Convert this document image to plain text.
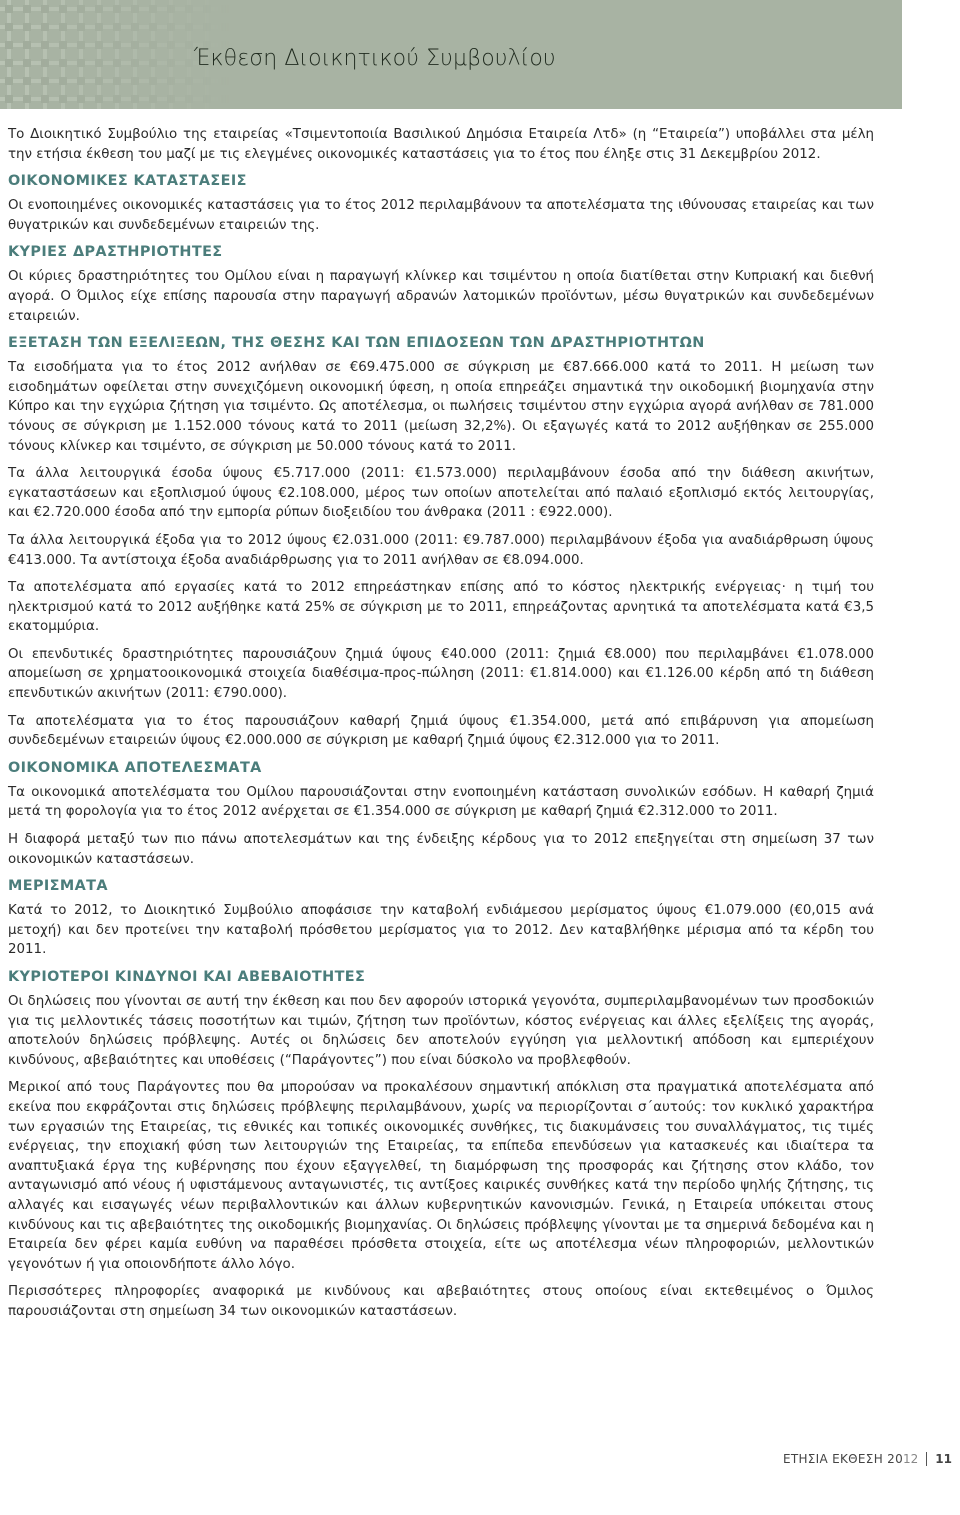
Έκθεση Διοικητικού Συμβουλίου

Το Διοικητικό Συμβούλιο της εταιρείας «Τσιμεντοποιία Βασιλικού Δημόσια Εταιρεία Λτδ» (η “Εταιρεία”) υποβάλλει στα μέλη την ετήσια έκθεση του μαζί με τις ελεγμένες οικονομικές καταστάσεις για το έτος που έληξε στις 31 Δεκεμβρίου 2012.

ΟΙΚΟΝΟΜΙΚΕΣ ΚΑΤΑΣΤΑΣΕΙΣ

Οι ενοποιημένες οικονομικές καταστάσεις για το έτος 2012 περιλαμβάνουν τα αποτελέσματα της ιθύνουσας εταιρείας και των θυγατρικών και συνδεδεμένων εταιρειών της.

ΚΥΡΙΕΣ ΔΡΑΣΤΗΡΙΟΤΗΤΕΣ

Οι κύριες δραστηριότητες του Ομίλου είναι η παραγωγή κλίνκερ και τσιμέντου η οποία διατίθεται στην Κυπριακή και διεθνή αγορά. Ο Όμιλος είχε επίσης παρουσία στην παραγωγή αδρανών λατομικών προϊόντων, μέσω θυγατρικών και συνδεδεμένων εταιρειών.

ΕΞΕΤΑΣΗ ΤΩΝ ΕΞΕΛΙΞΕΩΝ, ΤΗΣ ΘΕΣΗΣ ΚΑΙ ΤΩΝ ΕΠΙΔΟΣΕΩΝ ΤΩΝ ΔΡΑΣΤΗΡΙΟΤΗΤΩΝ

Τα εισοδήματα για το έτος 2012 ανήλθαν σε €69.475.000 σε σύγκριση με €87.666.000 κατά το 2011. Η μείωση των εισοδημάτων οφείλεται στην συνεχιζόμενη οικονομική ύφεση, η οποία επηρεάζει σημαντικά την οικοδομική βιομηχανία στην Κύπρο και την εγχώρια ζήτηση για τσιμέντο. Ως αποτέλεσμα, οι πωλήσεις τσιμέντου στην εγχώρια αγορά ανήλθαν σε 781.000 τόνους σε σύγκριση με 1.152.000 τόνους κατά το 2011 (μείωση 32,2%). Οι εξαγωγές κατά το 2012 αυξήθηκαν σε 255.000 τόνους κλίνκερ και τσιμέντο, σε σύγκριση με 50.000 τόνους κατά το 2011.

Τα άλλα λειτουργικά έσοδα ύψους €5.717.000 (2011: €1.573.000) περιλαμβάνουν έσοδα από την διάθεση ακινήτων, εγκαταστάσεων και εξοπλισμού ύψους €2.108.000, μέρος των οποίων αποτελείται από παλαιό εξοπλισμό εκτός λειτουργίας, και €2.720.000 έσοδα από την εμπορία ρύπων διοξειδίου του άνθρακα (2011 : €922.000).

Τα άλλα λειτουργικά έξοδα για το 2012 ύψους €2.031.000 (2011: €9.787.000) περιλαμβάνουν έξοδα για αναδιάρθρωση ύψους €413.000. Τα αντίστοιχα έξοδα αναδιάρθρωσης για το 2011 ανήλθαν σε €8.094.000.

Τα αποτελέσματα από εργασίες κατά το 2012 επηρεάστηκαν επίσης από το κόστος ηλεκτρικής ενέργειας· η τιμή του ηλεκτρισμού κατά το 2012 αυξήθηκε κατά 25% σε σύγκριση με το 2011, επηρεάζοντας αρνητικά τα αποτελέσματα κατά €3,5 εκατομμύρια.

Οι επενδυτικές δραστηριότητες παρουσιάζουν ζημιά ύψους €40.000 (2011: ζημιά €8.000) που περιλαμβάνει €1.078.000 απομείωση σε χρηματοοικονομικά στοιχεία διαθέσιμα-προς-πώληση (2011: €1.814.000) και €1.126.00 κέρδη από τη διάθεση επενδυτικών ακινήτων (2011: €790.000).

Τα αποτελέσματα για το έτος παρουσιάζουν καθαρή ζημιά ύψους €1.354.000, μετά από επιβάρυνση για απομείωση συνδεδεμένων εταιρειών ύψους €2.000.000 σε σύγκριση με καθαρή ζημιά ύψους €2.312.000 για το 2011.

ΟΙΚΟΝΟΜΙΚΑ ΑΠΟΤΕΛΕΣΜΑΤΑ

Τα οικονομικά αποτελέσματα του Ομίλου παρουσιάζονται στην ενοποιημένη κατάσταση συνολικών εσόδων. Η καθαρή ζημιά μετά τη φορολογία για το έτος 2012 ανέρχεται σε €1.354.000 σε σύγκριση με καθαρή ζημιά €2.312.000 το 2011.

Η διαφορά μεταξύ των πιο πάνω αποτελεσμάτων και της ένδειξης κέρδους για το 2012 επεξηγείται στη σημείωση 37 των οικονομικών καταστάσεων.

ΜΕΡΙΣΜΑΤΑ

Κατά το 2012, το Διοικητικό Συμβούλιο αποφάσισε την καταβολή ενδιάμεσου μερίσματος ύψους €1.079.000 (€0,015 ανά μετοχή) και δεν προτείνει την καταβολή πρόσθετου μερίσματος για το 2012. Δεν καταβλήθηκε μέρισμα από τα κέρδη του 2011.

ΚΥΡΙΟΤΕΡΟΙ ΚΙΝΔΥΝΟΙ ΚΑΙ ΑΒΕΒΑΙΟΤΗΤΕΣ

Οι δηλώσεις που γίνονται σε αυτή την έκθεση και που δεν αφορούν ιστορικά γεγονότα, συμπεριλαμβανομένων των προσδοκιών για τις μελλοντικές τάσεις ποσοτήτων και τιμών, ζήτηση των προϊόντων, κόστος ενέργειας και άλλες εξελίξεις της αγοράς, αποτελούν δηλώσεις πρόβλεψης. Αυτές οι δηλώσεις δεν αποτελούν εγγύηση για μελλοντική απόδοση και εμπεριέχουν κινδύνους, αβεβαιότητες και υποθέσεις (“Παράγοντες”) που είναι δύσκολο να προβλεφθούν.

Μερικοί από τους Παράγοντες που θα μπορούσαν να προκαλέσουν σημαντική απόκλιση στα πραγματικά αποτελέσματα από εκείνα που εκφράζονται στις δηλώσεις πρόβλεψης περιλαμβάνουν, χωρίς να περιορίζονται σ΄αυτούς: τον κυκλικό χαρακτήρα των εργασιών της Εταιρείας, τις εθνικές και τοπικές οικονομικές συνθήκες, τις διακυμάνσεις του συναλλάγματος, τις τιμές ενέργειας, την εποχιακή φύση των λειτουργιών της Εταιρείας, τα επίπεδα επενδύσεων για κατασκευές και ιδιαίτερα τα αναπτυξιακά έργα της κυβέρνησης που έχουν εξαγγελθεί, τη διαμόρφωση της προσφοράς και ζήτησης στον κλάδο, τον ανταγωνισμό από νέους ή υφιστάμενους ανταγωνιστές, τις αντίξοες καιρικές συνθήκες κατά την περίοδο ψηλής ζήτησης, τις αλλαγές και εισαγωγές νέων περιβαλλοντικών και άλλων κυβερνητικών κανονισμών. Γενικά, η Εταιρεία υπόκειται στους κινδύνους και τις αβεβαιότητες της οικοδομικής βιομηχανίας. Οι δηλώσεις πρόβλεψης γίνονται με τα σημερινά δεδομένα και η Εταιρεία δεν φέρει καμία ευθύνη να παραθέσει πρόσθετα στοιχεία, είτε ως αποτέλεσμα νέων πληροφοριών, μελλοντικών γεγονότων ή για οποιονδήποτε άλλο λόγο.

Περισσότερες πληροφορίες αναφορικά με κινδύνους και αβεβαιότητες στους οποίους είναι εκτεθειμένος ο Όμιλος παρουσιάζονται στη σημείωση 34 των οικονομικών καταστάσεων.

ΕΤΗΣΙΑ ΕΚΘΕΣΗ 20 12 11
